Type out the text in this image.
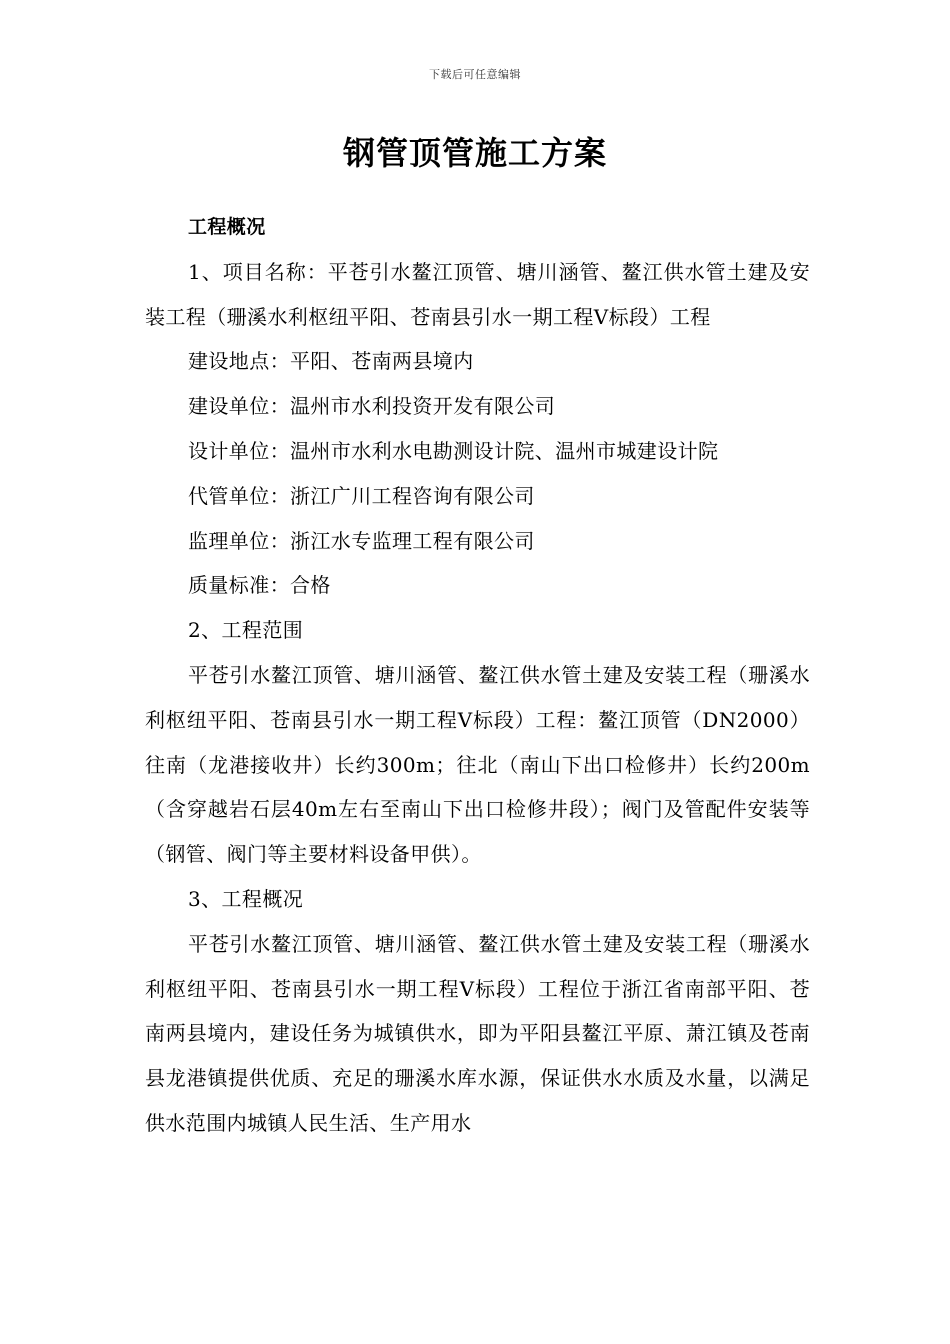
下载后可任意编辑
钢管顶管施工方案

工程概况

1、项目名称：平苍引水鳌江顶管、塘川涵管、鳌江供水管土建及安装工程（珊溪水利枢纽平阳、苍南县引水一期工程Ⅴ标段）工程

建设地点：平阳、苍南两县境内

建设单位：温州市水利投资开发有限公司

设计单位：温州市水利水电勘测设计院、温州市城建设计院

代管单位：浙江广川工程咨询有限公司

监理单位：浙江水专监理工程有限公司

质量标准：合格

2、工程范围

平苍引水鳌江顶管、塘川涵管、鳌江供水管土建及安装工程（珊溪水利枢纽平阳、苍南县引水一期工程Ⅴ标段）工程：鳌江顶管（DN2000）往南（龙港接收井）长约300m；往北（南山下出口检修井）长约200m（含穿越岩石层40m左右至南山下出口检修井段）；阀门及管配件安装等（钢管、阀门等主要材料设备甲供）。

3、工程概况

平苍引水鳌江顶管、塘川涵管、鳌江供水管土建及安装工程（珊溪水利枢纽平阳、苍南县引水一期工程Ⅴ标段）工程位于浙江省南部平阳、苍南两县境内，建设任务为城镇供水，即为平阳县鳌江平原、萧江镇及苍南县龙港镇提供优质、充足的珊溪水库水源，保证供水水质及水量，以满足供水范围内城镇人民生活、生产用水
